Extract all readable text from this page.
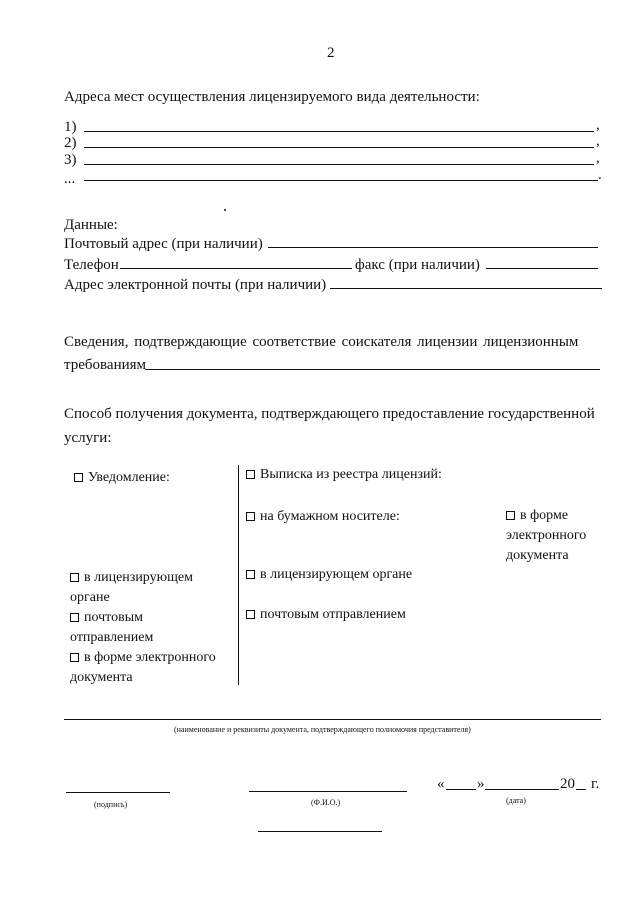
2
Адреса мест осуществления лицензируемого вида деятельности:
1)	,
2)	,
3)	,
...	.
Данные:
Почтовый адрес (при наличии)
Телефон	факс (при наличии)
Адрес электронной почты (при наличии)
Сведения, подтверждающие соответствие соискателя лицензии лицензионным
требованиям
Способ получения документа, подтверждающего предоставление государственной
услуги:
Уведомление:	Выписка из реестра лицензий:
на бумажном носителе:	в форме
электронного
документа
в лицензирующем
органе
почтовым
отправлением
в форме электронного
документа
в лицензирующем органе
почтовым отправлением
(наименование и реквизиты документа, подтверждающего полномочия представителя)
(подпись)	(Ф.И.О.)
« »	20 г.
(дата)
